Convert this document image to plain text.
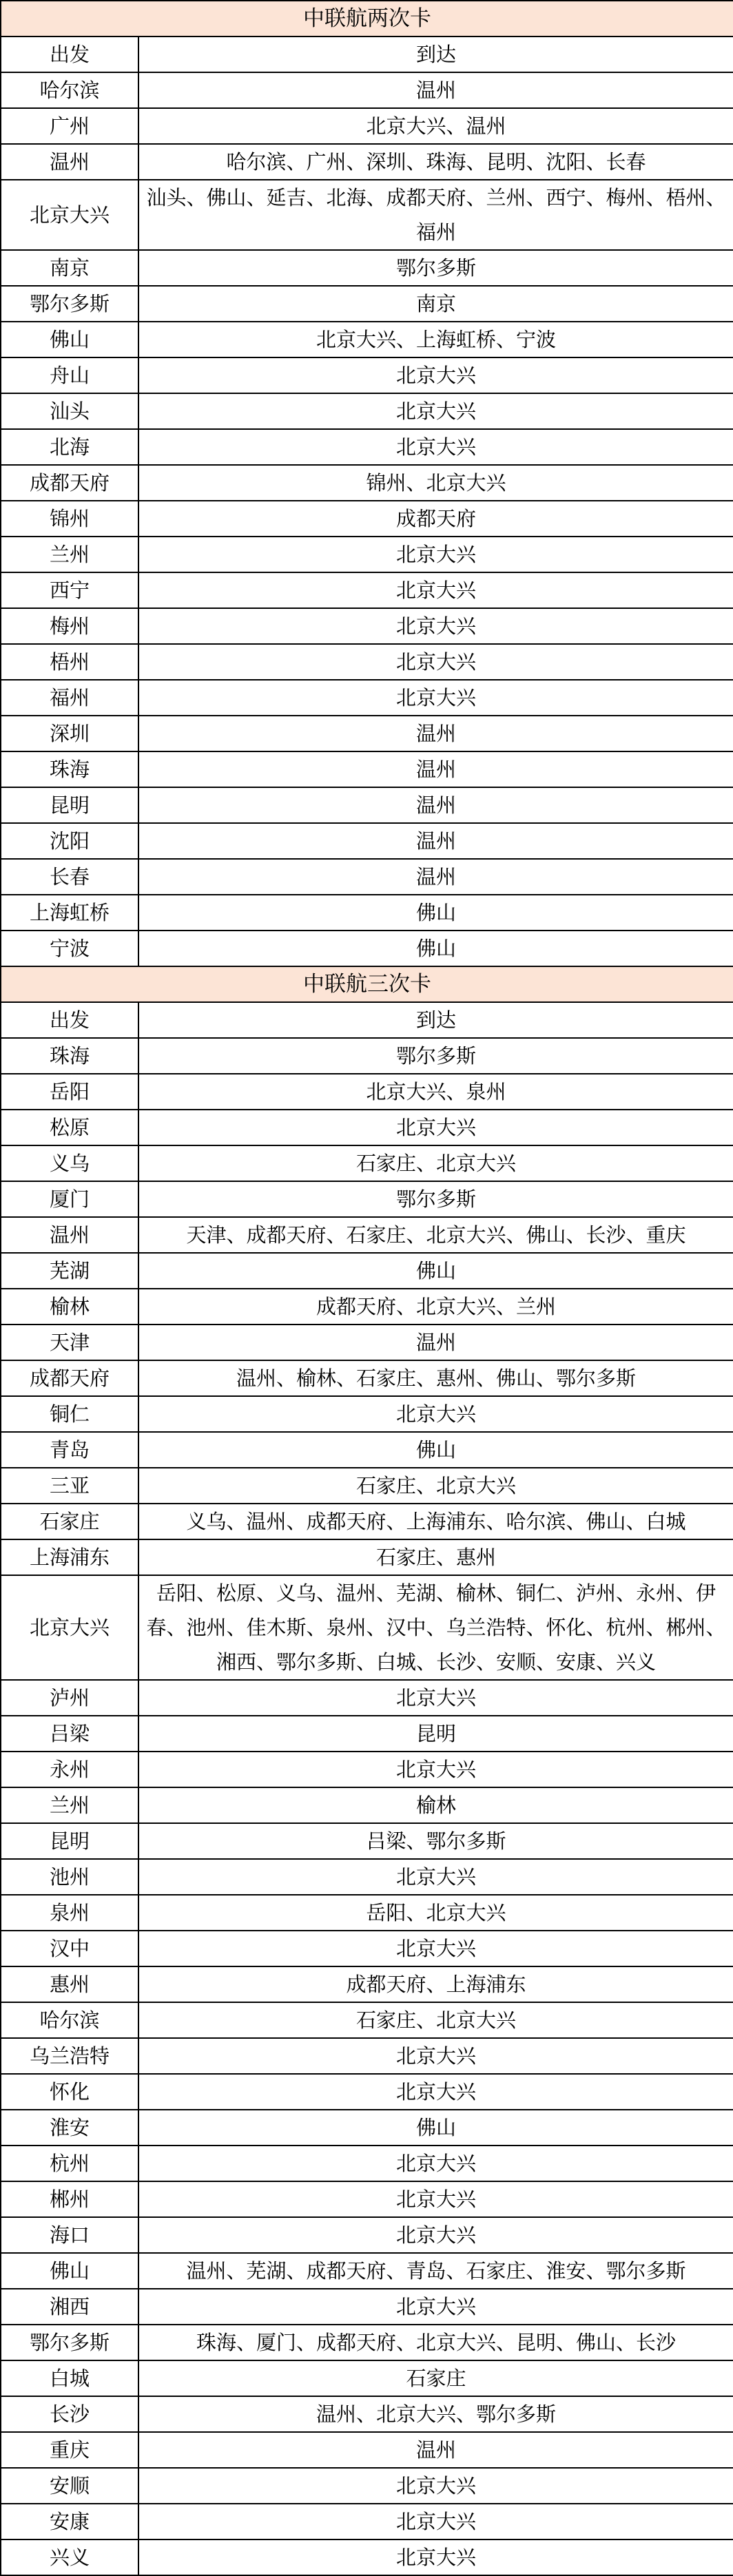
中联航两次卡	
出发	到达
哈尔滨	温州
广州	北京大兴、温州
温州	哈尔滨、广州、深圳、珠海、昆明、沈阳、长春
北京大兴	汕头、佛山、延吉、北海、成都天府、兰州、西宁、梅州、梧州、福州
南京	鄂尔多斯
鄂尔多斯	南京
佛山	北京大兴、上海虹桥、宁波
舟山	北京大兴
汕头	北京大兴
北海	北京大兴
成都天府	锦州、北京大兴
锦州	成都天府
兰州	北京大兴
西宁	北京大兴
梅州	北京大兴
梧州	北京大兴
福州	北京大兴
深圳	温州
珠海	温州
昆明	温州
沈阳	温州
长春	温州
上海虹桥	佛山
宁波	佛山
中联航三次卡	
出发	到达
珠海	鄂尔多斯
岳阳	北京大兴、泉州
松原	北京大兴
义乌	石家庄、北京大兴
厦门	鄂尔多斯
温州	天津、成都天府、石家庄、北京大兴、佛山、长沙、重庆
芜湖	佛山
榆林	成都天府、北京大兴、兰州
天津	温州
成都天府	温州、榆林、石家庄、惠州、佛山、鄂尔多斯
铜仁	北京大兴
青岛	佛山
三亚	石家庄、北京大兴
石家庄	义乌、温州、成都天府、上海浦东、哈尔滨、佛山、白城
上海浦东	石家庄、惠州
北京大兴	岳阳、松原、义乌、温州、芜湖、榆林、铜仁、泸州、永州、伊春、池州、佳木斯、泉州、汉中、乌兰浩特、怀化、杭州、郴州、湘西、鄂尔多斯、白城、长沙、安顺、安康、兴义
泸州	北京大兴
吕梁	昆明
永州	北京大兴
兰州	榆林
昆明	吕梁、鄂尔多斯
池州	北京大兴
泉州	岳阳、北京大兴
汉中	北京大兴
惠州	成都天府、上海浦东
哈尔滨	石家庄、北京大兴
乌兰浩特	北京大兴
怀化	北京大兴
淮安	佛山
杭州	北京大兴
郴州	北京大兴
海口	北京大兴
佛山	温州、芜湖、成都天府、青岛、石家庄、淮安、鄂尔多斯
湘西	北京大兴
鄂尔多斯	珠海、厦门、成都天府、北京大兴、昆明、佛山、长沙
白城	石家庄
长沙	温州、北京大兴、鄂尔多斯
重庆	温州
安顺	北京大兴
安康	北京大兴
兴义	北京大兴
